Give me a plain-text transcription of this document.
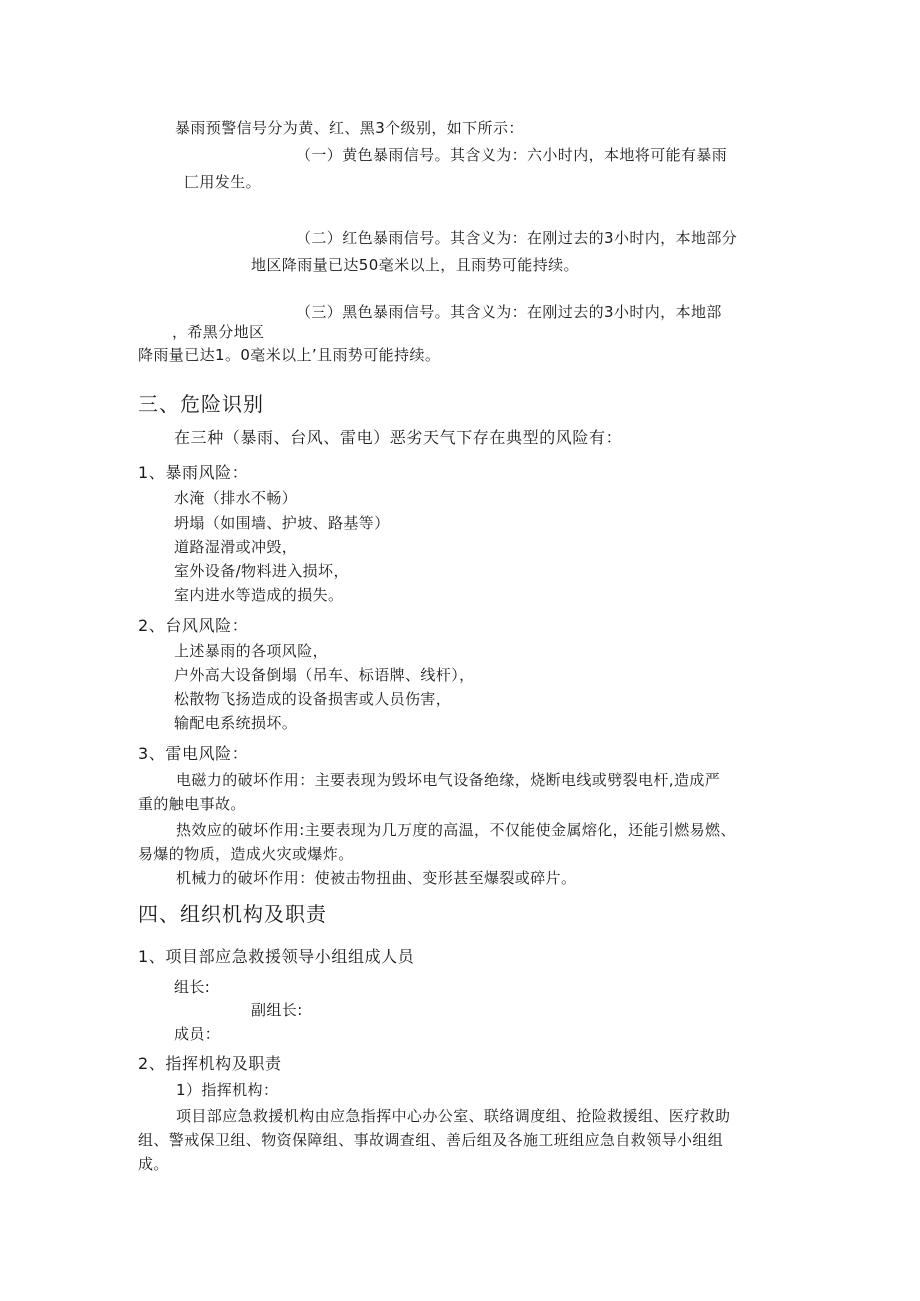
暴雨预警信号分为黄、红、黑3个级别，如下所示：
（一）黄色暴雨信号。其含义为：六小时内，本地将可能有暴雨
匚用发生。
（二）红色暴雨信号。其含义为：在刚过去的3小时内，本地部分
地区降雨量已达50毫米以上，且雨势可能持续。
（三）黑色暴雨信号。其含义为：在刚过去的3小时内，本地部
，希黑分地区
降雨量已达1。0毫米以上’且雨势可能持续。
三、危险识别
在三种（暴雨、台风、雷电）恶劣天气下存在典型的风险有：
1、暴雨风险：
水淹（排水不畅）
坍塌（如围墙、护坡、路基等）
道路湿滑或冲毁，
室外设备/物料进入损坏，
室内进水等造成的损失。
2、台风风险：
上述暴雨的各项风险，
户外高大设备倒塌（吊车、标语牌、线杆），
松散物飞扬造成的设备损害或人员伤害，
输配电系统损坏。
3、雷电风险：
电磁力的破坏作用：主要表现为毁坏电气设备绝缘，烧断电线或劈裂电杆,造成严
重的触电事故。
热效应的破坏作用:主要表现为几万度的高温，不仅能使金属熔化，还能引燃易燃、
易爆的物质，造成火灾或爆炸。
机械力的破坏作用：使被击物扭曲、变形甚至爆裂或碎片。
四、组织机构及职责
1、项目部应急救援领导小组组成人员
组长:
副组长:
成员：
2、指挥机构及职责
1）指挥机构：
项目部应急救援机构由应急指挥中心办公室、联络调度组、抢险救援组、医疗救助
组、警戒保卫组、物资保障组、事故调查组、善后组及各施工班组应急自救领导小组组
成。
